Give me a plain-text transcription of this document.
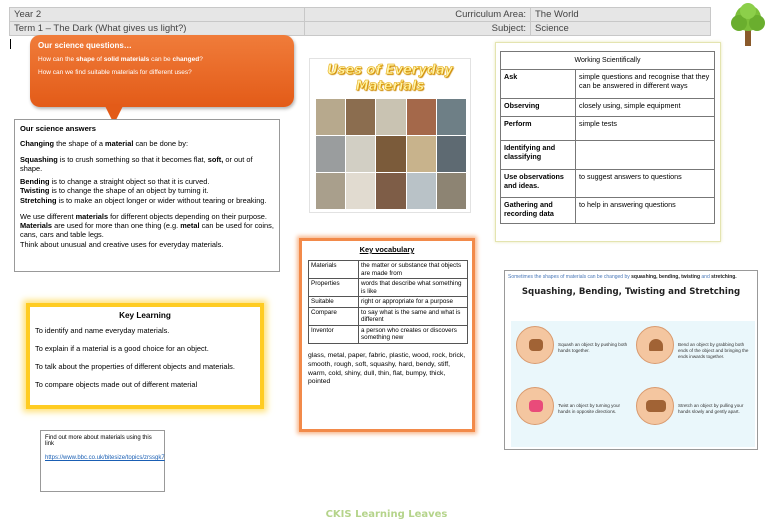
Year 2	Curriculum Area:	The World
Term 1 – The Dark (What gives us light?)	Subject:	Science
Our science questions…

How can the shape of solid materials can be changed?

How can we find suitable materials for different uses?

Our science answers

Changing the shape of a material can be done by:

Squashing is to crush something so that it becomes flat, soft, or out of shape.

Bending is to change a straight object so that it is curved.
Twisting is to change the shape of an object by turning it.
Stretching is to make an object longer or wider without tearing or breaking.

We use different materials for different objects depending on their purpose. Materials are used for more than one thing (e.g. metal can be used for coins, cans, cars and table legs.
Think about unusual and creative uses for everyday materials.

Key Learning

To identify and name everyday materials.

To explain if a material is a good choice for an object.

To talk about the properties of different objects and materials.

To compare objects made out of different material

Find out more about materials using this link
https://www.bbc.co.uk/bitesize/topics/zrssgk7
Uses of Everyday
Materials
Working Scientifically	
Ask	simple questions and recognise that they can be answered in different ways
Observing	closely using, simple equipment
Perform	simple tests
Identifying and classifying	
Use observations and ideas.	to suggest answers to questions
Gathering and recording data	to help in answering questions
Key vocabulary
Materials	the matter or substance that objects are made from
Properties	words that describe what something is like
Suitable	right or appropriate for a purpose
Compare	to say what is the same and what is different
Inventor	a person who creates or discovers something new
glass, metal, paper, fabric, plastic, wood, rock, brick, smooth, rough, soft, squashy, hard, bendy, stiff, warm, cold, shiny, dull, thin, flat, bumpy, thick, pointed
Sometimes the shapes of materials can be changed by squashing, bending, twisting and stretching.
Squashing, Bending, Twisting and Stretching
Squash an object by pushing both hands together.
Bend an object by grabbing both ends of the object and bringing the ends inwards together.
Twist an object by turning your hands in opposite directions.
Stretch an object by pulling your hands slowly and gently apart.
CKIS Learning Leaves
